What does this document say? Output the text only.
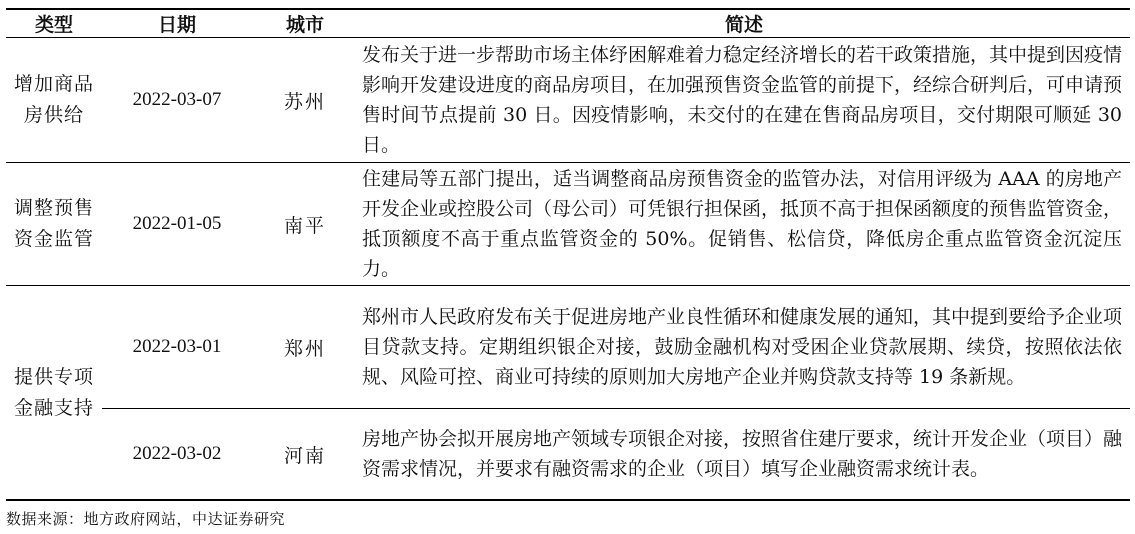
类型	日期	城市	简述
增加商品房供给	2022-03-07	苏州	发布关于进一步帮助市场主体纾困解难着力稳定经济增长的若干政策措施，其中提到因疫情影响开发建设进度的商品房项目，在加强预售资金监管的前提下，经综合研判后，可申请预售时间节点提前 30 日。因疫情影响，未交付的在建在售商品房项目，交付期限可顺延 30 日。
调整预售资金监管	2022-01-05	南平	住建局等五部门提出，适当调整商品房预售资金的监管办法，对信用评级为 AAA 的房地产开发企业或控股公司（母公司）可凭银行担保函，抵顶不高于担保函额度的预售监管资金，抵顶额度不高于重点监管资金的 50%。促销售、松信贷，降低房企重点监管资金沉淀压力。
提供专项金融支持	2022-03-01	郑州	郑州市人民政府发布关于促进房地产业良性循环和健康发展的通知，其中提到要给予企业项目贷款支持。定期组织银企对接，鼓励金融机构对受困企业贷款展期、续贷，按照依法依规、风险可控、商业可持续的原则加大房地产企业并购贷款支持等 19 条新规。
	2022-03-02	河南	房地产协会拟开展房地产领域专项银企对接，按照省住建厅要求，统计开发企业（项目）融资需求情况，并要求有融资需求的企业（项目）填写企业融资需求统计表。
数据来源：地方政府网站，中达证券研究
